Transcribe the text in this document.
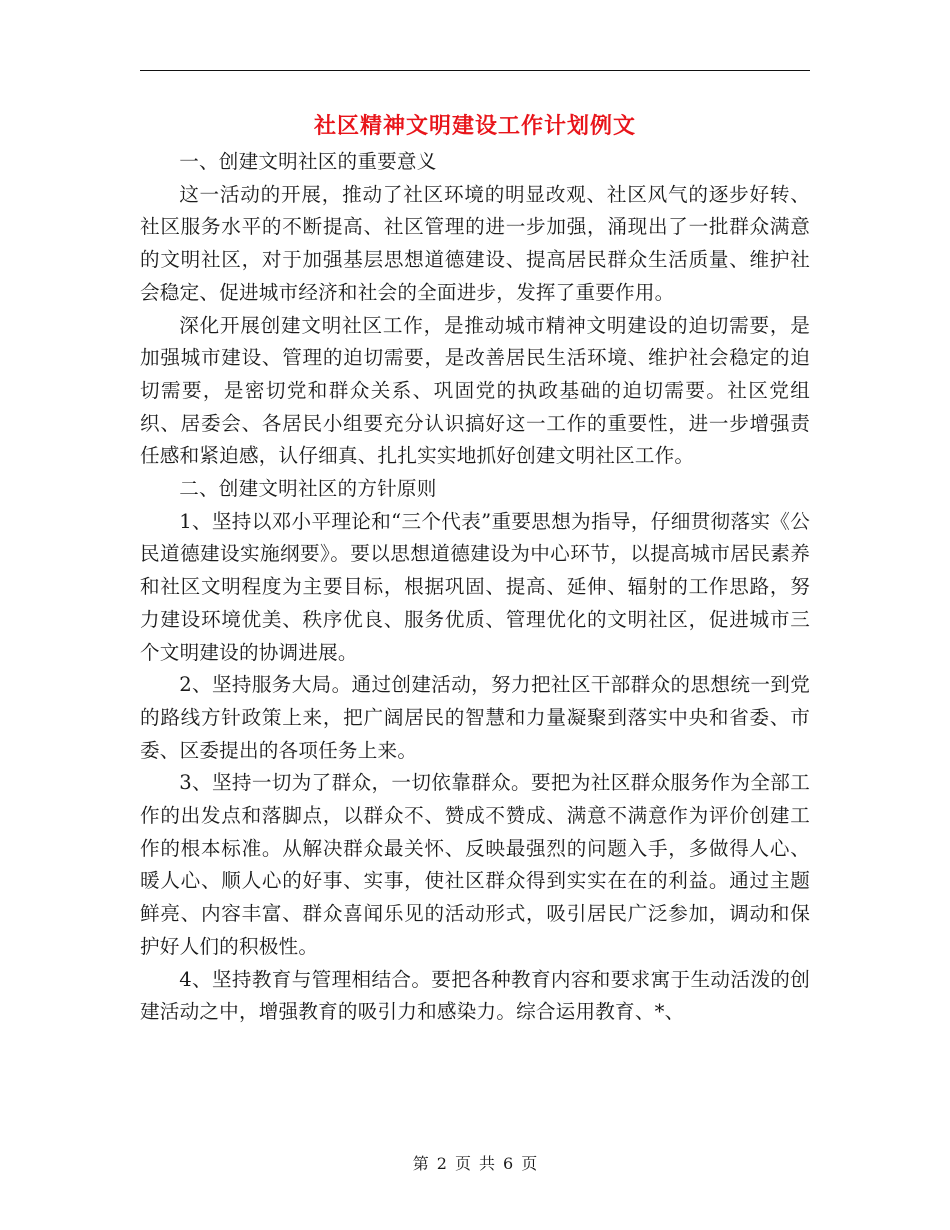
社区精神文明建设工作计划例文

一、创建文明社区的重要意义

这一活动的开展，推动了社区环境的明显改观、社区风气的逐步好转、社区服务水平的不断提高、社区管理的进一步加强，涌现出了一批群众满意的文明社区，对于加强基层思想道德建设、提高居民群众生活质量、维护社会稳定、促进城市经济和社会的全面进步，发挥了重要作用。

深化开展创建文明社区工作，是推动城市精神文明建设的迫切需要，是加强城市建设、管理的迫切需要，是改善居民生活环境、维护社会稳定的迫切需要，是密切党和群众关系、巩固党的执政基础的迫切需要。社区党组织、居委会、各居民小组要充分认识搞好这一工作的重要性，进一步增强责任感和紧迫感，认仔细真、扎扎实实地抓好创建文明社区工作。

二、创建文明社区的方针原则

1、坚持以邓小平理论和“三个代表”重要思想为指导，仔细贯彻落实《公民道德建设实施纲要》。要以思想道德建设为中心环节，以提高城市居民素养和社区文明程度为主要目标，根据巩固、提高、延伸、辐射的工作思路，努力建设环境优美、秩序优良、服务优质、管理优化的文明社区，促进城市三个文明建设的协调进展。

2、坚持服务大局。通过创建活动，努力把社区干部群众的思想统一到党的路线方针政策上来，把广阔居民的智慧和力量凝聚到落实中央和省委、市委、区委提出的各项任务上来。

3、坚持一切为了群众，一切依靠群众。要把为社区群众服务作为全部工作的出发点和落脚点，以群众不、赞成不赞成、满意不满意作为评价创建工作的根本标准。从解决群众最关怀、反映最强烈的问题入手，多做得人心、暖人心、顺人心的好事、实事，使社区群众得到实实在在的利益。通过主题鲜亮、内容丰富、群众喜闻乐见的活动形式，吸引居民广泛参加，调动和保护好人们的积极性。

4、坚持教育与管理相结合。要把各种教育内容和要求寓于生动活泼的创建活动之中，增强教育的吸引力和感染力。综合运用教育、*、

第 2 页 共 6 页
